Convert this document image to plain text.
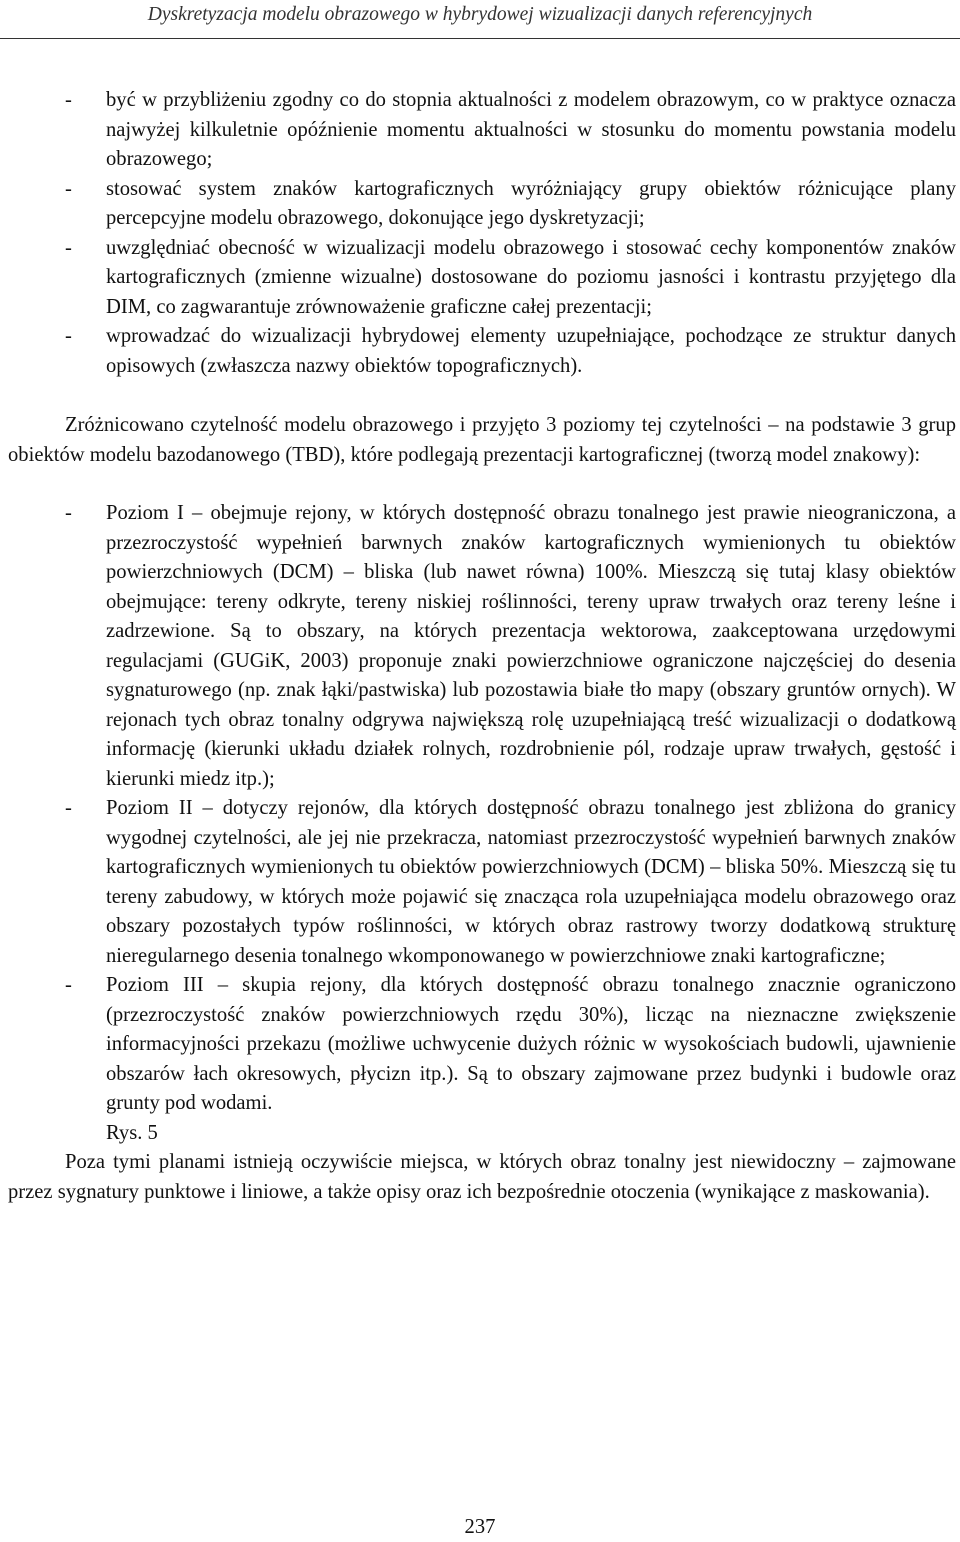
Dyskretyzacja modelu obrazowego w hybrydowej wizualizacji danych referencyjnych
- być w przybliżeniu zgodny co do stopnia aktualności z modelem obrazowym, co w praktyce oznacza najwyżej kilkuletnie opóźnienie momentu aktualności w stosunku do momentu powstania modelu obrazowego;
- stosować system znaków kartograficznych wyróżniający grupy obiektów różnicujące plany percepcyjne modelu obrazowego, dokonujące jego dyskretyzacji;
- uwzględniać obecność w wizualizacji modelu obrazowego i stosować cechy komponentów znaków kartograficznych (zmienne wizualne) dostosowane do poziomu jasności i kontrastu przyjętego dla DIM, co zagwarantuje zrównoważenie graficzne całej prezentacji;
- wprowadzać do wizualizacji hybrydowej elementy uzupełniające, pochodzące ze struktur danych opisowych (zwłaszcza nazwy obiektów topograficznych).

Zróżnicowano czytelność modelu obrazowego i przyjęto 3 poziomy tej czytelności – na podstawie 3 grup obiektów modelu bazodanowego (TBD), które podlegają prezentacji kartograficznej (tworzą model znakowy):

- Poziom I – obejmuje rejony, w których dostępność obrazu tonalnego jest prawie nieograniczona, a przezroczystość wypełnień barwnych znaków kartograficznych wymienionych tu obiektów powierzchniowych (DCM) – bliska (lub nawet równa) 100%. Mieszczą się tutaj klasy obiektów obejmujące: tereny odkryte, tereny niskiej roślinności, tereny upraw trwałych oraz tereny leśne i zadrzewione. Są to obszary, na których prezentacja wektorowa, zaakceptowana urzędowymi regulacjami (GUGiK, 2003) proponuje znaki powierzchniowe ograniczone najczęściej do desenia sygnaturowego (np. znak łąki/pastwiska) lub pozostawia białe tło mapy (obszary gruntów ornych). W rejonach tych obraz tonalny odgrywa największą rolę uzupełniającą treść wizualizacji o dodatkową informację (kierunki układu działek rolnych, rozdrobnienie pól, rodzaje upraw trwałych, gęstość i kierunki miedz itp.);
- Poziom II – dotyczy rejonów, dla których dostępność obrazu tonalnego jest zbliżona do granicy wygodnej czytelności, ale jej nie przekracza, natomiast przezroczystość wypełnień barwnych znaków kartograficznych wymienionych tu obiektów powierzchniowych (DCM) – bliska 50%. Mieszczą się tu tereny zabudowy, w których może pojawić się znacząca rola uzupełniająca modelu obrazowego oraz obszary pozostałych typów roślinności, w których obraz rastrowy tworzy dodatkową strukturę nieregularnego desenia tonalnego wkomponowanego w powierzchniowe znaki kartograficzne;
- Poziom III – skupia rejony, dla których dostępność obrazu tonalnego znacznie ograniczono (przezroczystość znaków powierzchniowych rzędu 30%), licząc na nieznaczne zwiększenie informacyjności przekazu (możliwe uchwycenie dużych różnic w wysokościach budowli, ujawnienie obszarów łach okresowych, płycizn itp.). Są to obszary zajmowane przez budynki i budowle oraz grunty pod wodami.
Rys. 5

Poza tymi planami istnieją oczywiście miejsca, w których obraz tonalny jest niewidoczny – zajmowane przez sygnatury punktowe i liniowe, a także opisy oraz ich bezpośrednie otoczenia (wynikające z maskowania).

237
